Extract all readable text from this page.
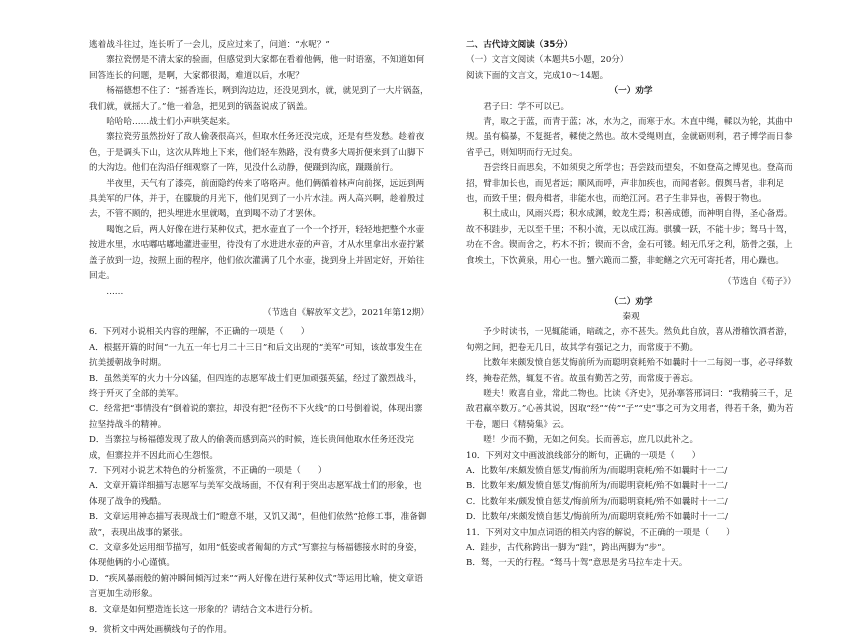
逃着战斗往过，连长听了一会儿，反应过来了，问道：“水呢？”

寨拉瓷愣是不清太家的验面，但感觉到大家都在看着他俩，他一时语塞，不知道如何回答连长的问题，是啊，大家都很渴，难道以后，水呢？

杨福德想不住了：“摇香连长，咧到沟边边，还没见到水，就，就见到了一大片锅盔，我们就，就摇大了。”他一着急，把见到的锅盔说成了锅盖。

哈哈哈……战士们小声哄笑起来。

寨拉瓷劳虽然扮好了敌人偷袭很高兴，但取水任务还没完成，还是有些发愁。趁着夜色，于是调头下山，这次从阵地上下来，他们轻车熟路，没有费多大周折便来到了山脚下的大沟边。他们在沟沿仔细观察了一阵，见没什么动静，便蹑到沟底，蹑蹑前行。

半夜里，天气有了漆亮，前面隐约传来了咯咯声。他们俩循着林声向前探，远远到两具美军的尸体，并于，在朦胧的月光下，他们见到了一小片水洼。两人高兴啊，趁着殷过去，不管不顾的，把头埋进水里就喝，直到喝不动了才罢休。

喝饱之后，两人好像在进行某种仪式，把水壶直了一个一个抒开，轻轻地把整个水壶按进水里，水咕嘟咕嘟地灌进壶里，待没有了水进进水壶的声音，才从水里拿出水壶拧紧盖子放到一边，按照上面的程序，他们依次灌满了几个水壶，拢到身上并固定好，开始往回走。

……

（节选自《解放军文艺》，2021年第12期）

6．下列对小说相关内容的理解，不正确的一项是（　　）

A．根据开篇的时间“一九五一年七月二十三日”和后文出现的“美军”可知，该故事发生在抗美援朝战争时期。

B．虽然美军的火力十分凶猛，但四连的志愿军战士们更加顽强英猛，经过了激烈战斗，终于歼灭了全部的美军。

C．经常把“事情没有”倒着说的寨拉，却没有把“径伤不下火线”的口号倒着说，体现出寨拉坚持战斗的精神。

D．当寨拉与杨福德发现了敌人的偷袭而感到高兴的时候，连长贵间他取水任务还没完成，但寨拉并不因此而心生怨恨。

7．下列对小说艺术特色的分析鉴赏，不正确的一项是（　　）

A．文章开篇详细描写志愿军与美军交战场面，不仅有利于突出志愿军战士们的形象，也体现了战争的残酷。

B．文章运用神态描写表现战士们“瞪意不堪，又饥又渴”，但他们依然“抢修工事，准备御敌”，表现出战事的紧张。

C．文章多处运用细节描写，如用“低姿或者匍匐的方式”写寨拉与杨福德接水时的身姿，体现他俩的小心谨慎。

D．“疾风暴雨般的俯冲瞬间倾泻过来”“两人好像在进行某种仪式”等运用比喻，使文章语言更加生动形象。

8．文章是如何塑造连长这一形象的？请结合文本进行分析。

9．赏析文中两处画横线句子的作用。

二、古代诗文阅读（35分）

（一）文言文阅读（本题共5小题，20分）

阅读下面的文言文，完成10～14题。

（一）劝学

君子曰：学不可以已。

青，取之于蓝，而青于蓝；冰，水为之，而寒于水。木直中绳，輮以为轮，其曲中规。虽有槁暴，不复挺者，輮使之然也。故木受绳则直，金就砺则利，君子博学而日参省乎己，则知明而行无过矣。

吾尝终日而思矣，不如须臾之所学也；吾尝跂而望矣，不如登高之博见也。登高而招，臂非加长也，而见者远；顺风而呼，声非加疾也，而闻者彰。假舆马者，非利足也，而致千里；假舟楫者，非能水也，而绝江河。君子生非异也，善假于物也。

积土成山，风雨兴焉；积水成渊，蛟龙生焉；积善成德，而神明自得，圣心备焉。故不积跬步，无以至千里；不积小流，无以成江海。骐骥一跃，不能十步；驽马十驾，功在不舍。锲而舍之，朽木不折；锲而不舍，金石可镂。蚓无爪牙之利，筋骨之强，上食埃土，下饮黄泉，用心一也。蟹六跪而二螯，非蛇鳝之穴无可寄托者，用心躁也。

（节选自《荀子》）

（二）劝学

秦观

予少时读书，一见辄能诵，暗疏之，亦不甚失。然负此自放，喜从滑稽饮酒者游，旬朔之间，把卷无几日，故其学有强记之力，而常废于不勤。

比数年来颇发愤自惩艾悔前所为而聪明衰耗殆不如曩时十一二每阅一事，必寻绎数终，掩卷茫然，辄复不省。故虽有勤苦之劳，而常废于善忘。

嗟夫！败喜自业，常此二物也。比读《齐史》，见孙搴答邢词曰：“我精骑三千，足敌君羸卒数万。”心善其说，因取“经”“传”“子”“史”事之可为文用者，得若千条，勤为若干卷，题曰《精骑集》云。

嗟！少而不勤，无如之何矣。长而善忘，庶几以此补之。

10．下列对文中画波浪线部分的断句，正确的一项是（　　）

A．比数年/来颇发愤自惩艾/悔前所为/而聪明衰耗/殆不如曩时十一二/

B．比数年来/颇发愤自惩艾/悔前所为/而聪明衰耗/殆不如曩时十一二/

C．比数年来/颇发愤自惩艾/悔前所为/而聪明衰耗/殆不如曩时十一二/

D．比数年/来颇发愤自惩艾/悔前所为/而聪明衰耗/殆不如曩时十一二/

11．下列对文中加点词语的相关内容的解说，不正确的一项是（　　）

A．跬步，古代称跨出一脚为“跬”，跨出两脚为“步”。

B．驽，一天的行程。“驽马十驾”意思是劣马拉车走十天。
